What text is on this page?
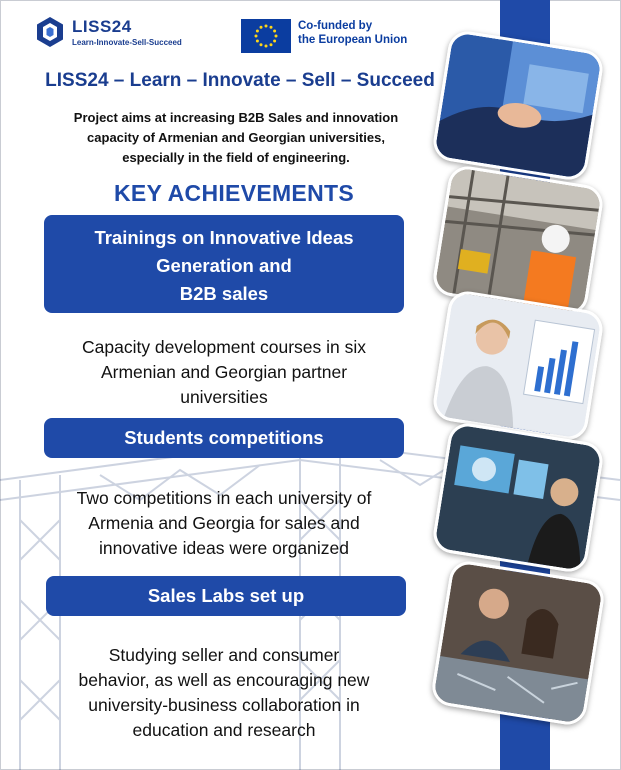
LISS24
Learn-Innovate-Sell-Succeed
Co-funded by
the European Union
LISS24 – Learn – Innovate – Sell – Succeed
Project aims at increasing B2B Sales and innovation
capacity of Armenian and Georgian universities,
especially in the field of engineering.
KEY ACHIEVEMENTS
Trainings on Innovative Ideas
Generation and
B2B sales
Capacity development courses in six
Armenian and Georgian partner
universities
Students competitions
Two competitions in each university of
Armenia and Georgia for sales and
innovative ideas were organized
Sales Labs set up
Studying seller and consumer
behavior, as well as encouraging new
university-business collaboration in
education and research
